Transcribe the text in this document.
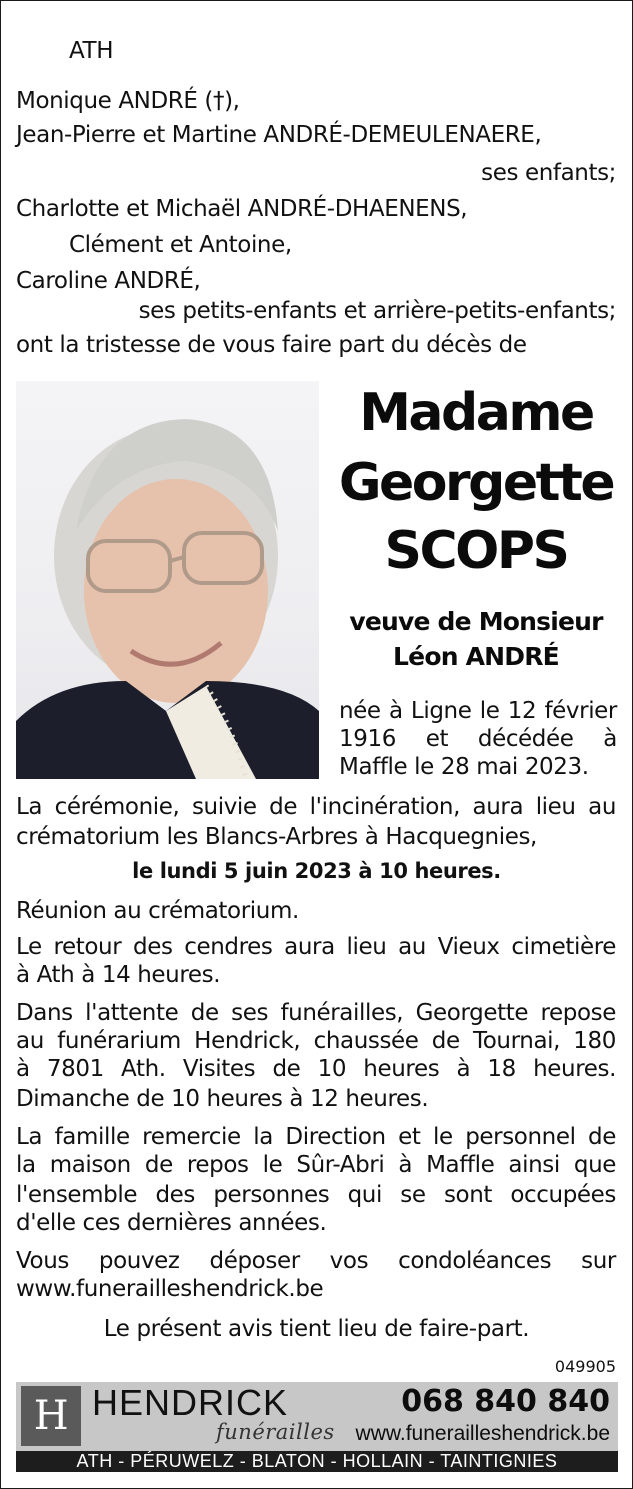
ATH
Monique ANDRÉ (†),
Jean-Pierre et Martine ANDRÉ-DEMEULENAERE,
ses enfants;
Charlotte et Michaël ANDRÉ-DHAENENS,
Clément et Antoine,
Caroline ANDRÉ,
ses petits-enfants et arrière-petits-enfants;
ont la tristesse de vous faire part du décès de
Madame
Georgette
SCOPS
veuve de Monsieur
Léon ANDRÉ
née à Ligne le 12 février
1916 et décédée à
Maffle le 28 mai 2023.
La cérémonie, suivie de l'incinération, aura lieu au
crématorium les Blancs-Arbres à Hacquegnies,
le lundi 5 juin 2023 à 10 heures.
Réunion au crématorium.
Le retour des cendres aura lieu au Vieux cimetière
à Ath à 14 heures.
Dans l'attente de ses funérailles, Georgette repose
au funérarium Hendrick, chaussée de Tournai, 180
à 7801 Ath. Visites de 10 heures à 18 heures.
Dimanche de 10 heures à 12 heures.
La famille remercie la Direction et le personnel de
la maison de repos le Sûr-Abri à Maffle ainsi que
l'ensemble des personnes qui se sont occupées
d'elle ces dernières années.
Vous pouvez déposer vos condoléances sur
www.funerailleshendrick.be
Le présent avis tient lieu de faire-part.
049905
H HENDRICK
funérailles
068 840 840
www.funerailleshendrick.be
ATH - PÉRUWELZ - BLATON - HOLLAIN - TAINTIGNIES
